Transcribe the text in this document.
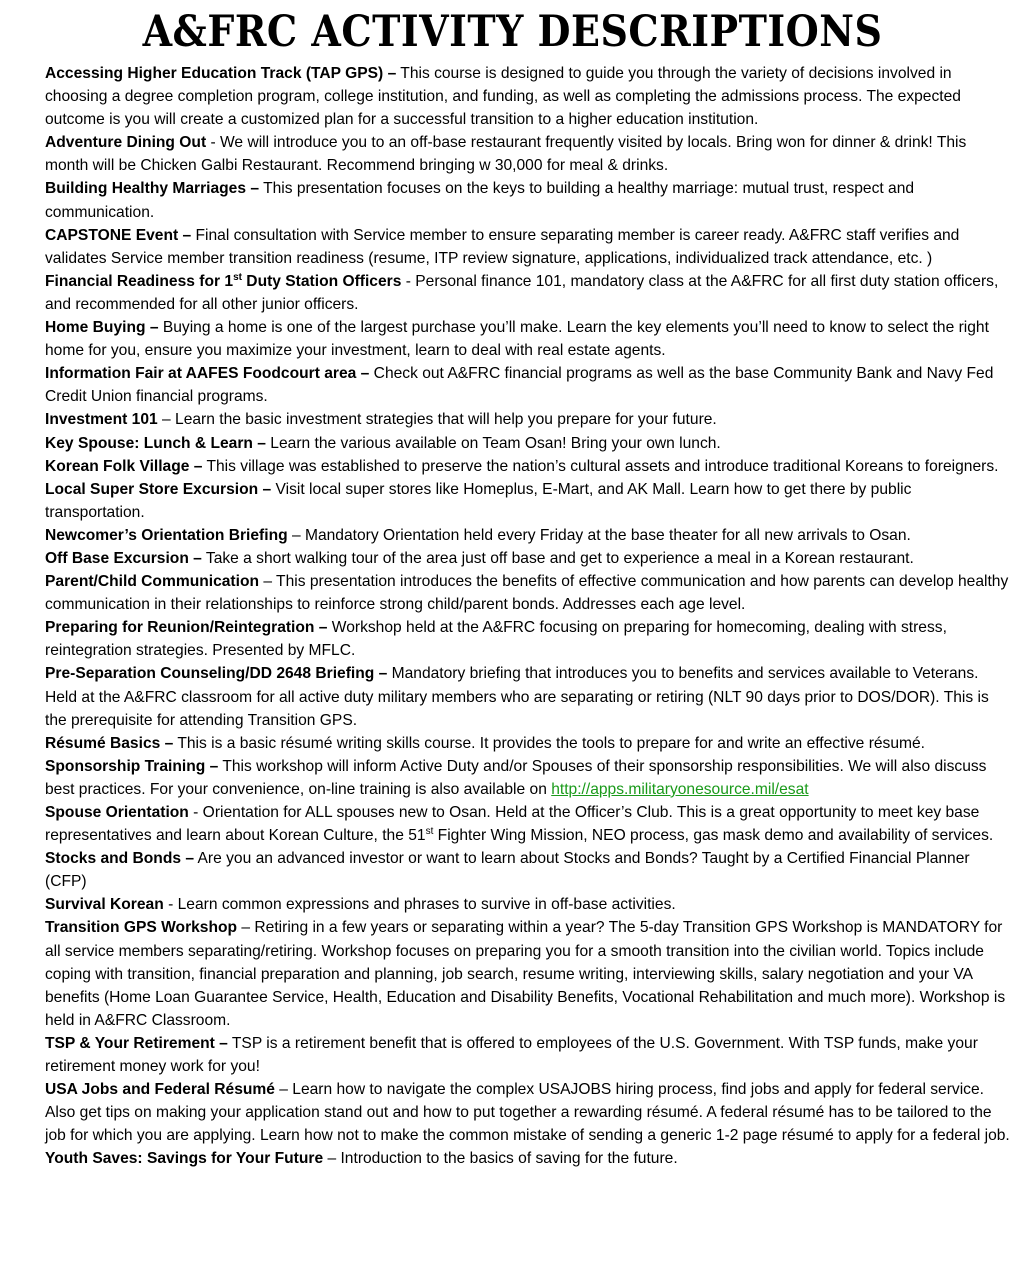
A&FRC ACTIVITY DESCRIPTIONS

Accessing Higher Education Track (TAP GPS) – This course is designed to guide you through the variety of decisions involved in choosing a degree completion program, college institution, and funding, as well as completing the admissions process. The expected outcome is you will create a customized plan for a successful transition to a higher education institution.

Adventure Dining Out - We will introduce you to an off-base restaurant frequently visited by locals. Bring won for dinner & drink! This month will be Chicken Galbi Restaurant. Recommend bringing w 30,000 for meal & drinks.

Building Healthy Marriages – This presentation focuses on the keys to building a healthy marriage: mutual trust, respect and communication.

CAPSTONE Event – Final consultation with Service member to ensure separating member is career ready. A&FRC staff verifies and validates Service member transition readiness (resume, ITP review signature, applications, individualized track attendance, etc. )

Financial Readiness for 1st Duty Station Officers - Personal finance 101, mandatory class at the A&FRC for all first duty station officers, and recommended for all other junior officers.

Home Buying – Buying a home is one of the largest purchase you’ll make. Learn the key elements you’ll need to know to select the right home for you, ensure you maximize your investment, learn to deal with real estate agents.

Information Fair at AAFES Foodcourt area – Check out A&FRC financial programs as well as the base Community Bank and Navy Fed Credit Union financial programs.

Investment 101 – Learn the basic investment strategies that will help you prepare for your future.

Key Spouse: Lunch & Learn – Learn the various available on Team Osan! Bring your own lunch.

Korean Folk Village – This village was established to preserve the nation’s cultural assets and introduce traditional Koreans to foreigners.

Local Super Store Excursion – Visit local super stores like Homeplus, E-Mart, and AK Mall. Learn how to get there by public transportation.

Newcomer’s Orientation Briefing – Mandatory Orientation held every Friday at the base theater for all new arrivals to Osan.

Off Base Excursion – Take a short walking tour of the area just off base and get to experience a meal in a Korean restaurant.

Parent/Child Communication – This presentation introduces the benefits of effective communication and how parents can develop healthy communication in their relationships to reinforce strong child/parent bonds. Addresses each age level.

Preparing for Reunion/Reintegration – Workshop held at the A&FRC focusing on preparing for homecoming, dealing with stress, reintegration strategies. Presented by MFLC.

Pre-Separation Counseling/DD 2648 Briefing – Mandatory briefing that introduces you to benefits and services available to Veterans. Held at the A&FRC classroom for all active duty military members who are separating or retiring (NLT 90 days prior to DOS/DOR). This is the prerequisite for attending Transition GPS.

Résumé Basics – This is a basic résumé writing skills course. It provides the tools to prepare for and write an effective résumé.

Sponsorship Training – This workshop will inform Active Duty and/or Spouses of their sponsorship responsibilities. We will also discuss best practices. For your convenience, on-line training is also available on http://apps.militaryonesource.mil/esat

Spouse Orientation - Orientation for ALL spouses new to Osan. Held at the Officer’s Club. This is a great opportunity to meet key base representatives and learn about Korean Culture, the 51st Fighter Wing Mission, NEO process, gas mask demo and availability of services.

Stocks and Bonds – Are you an advanced investor or want to learn about Stocks and Bonds? Taught by a Certified Financial Planner (CFP)

Survival Korean - Learn common expressions and phrases to survive in off-base activities.

Transition GPS Workshop – Retiring in a few years or separating within a year? The 5-day Transition GPS Workshop is MANDATORY for all service members separating/retiring. Workshop focuses on preparing you for a smooth transition into the civilian world. Topics include coping with transition, financial preparation and planning, job search, resume writing, interviewing skills, salary negotiation and your VA benefits (Home Loan Guarantee Service, Health, Education and Disability Benefits, Vocational Rehabilitation and much more). Workshop is held in A&FRC Classroom.

TSP & Your Retirement – TSP is a retirement benefit that is offered to employees of the U.S. Government. With TSP funds, make your retirement money work for you!

USA Jobs and Federal Résumé – Learn how to navigate the complex USAJOBS hiring process, find jobs and apply for federal service. Also get tips on making your application stand out and how to put together a rewarding résumé. A federal résumé has to be tailored to the job for which you are applying. Learn how not to make the common mistake of sending a generic 1-2 page résumé to apply for a federal job.

Youth Saves: Savings for Your Future – Introduction to the basics of saving for the future.
